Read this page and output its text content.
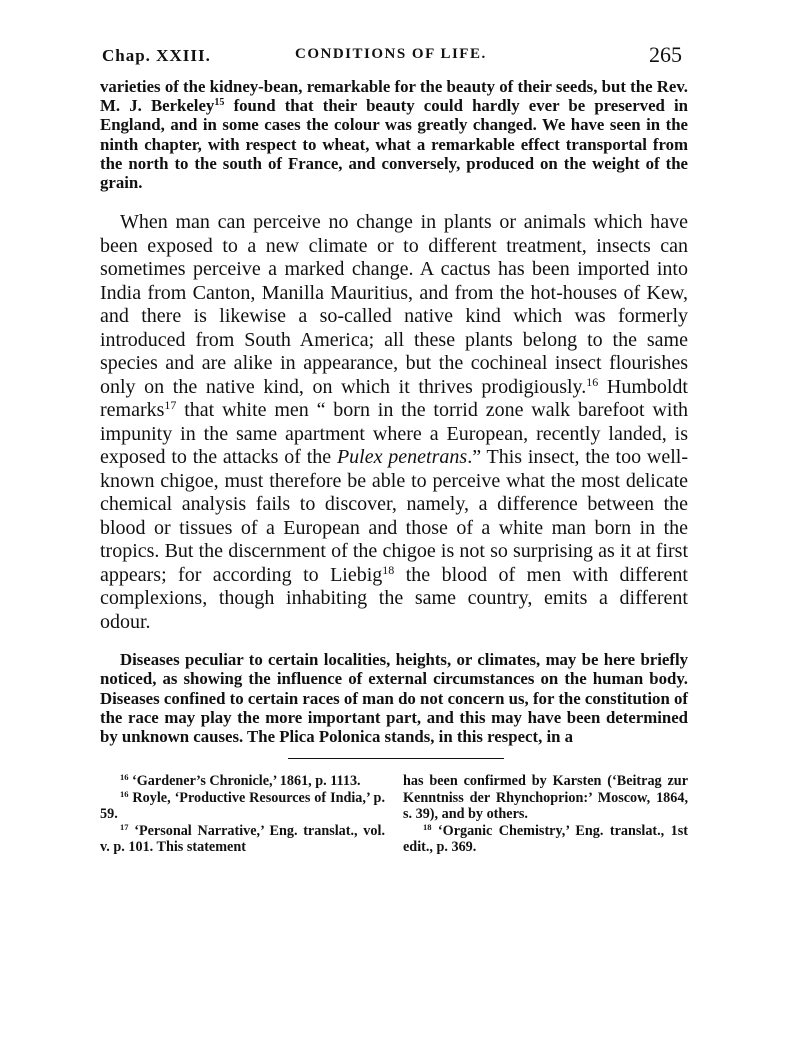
Chap. XXIII.	CONDITIONS OF LIFE.	265

varieties of the kidney-bean, remarkable for the beauty of their seeds, but the Rev. M. J. Berkeley$^{15}$ found that their beauty could hardly ever be preserved in England, and in some cases the colour was greatly changed. We have seen in the ninth chapter, with respect to wheat, what a remarkable effect transportal from the north to the south of France, and conversely, produced on the weight of the grain.

When man can perceive no change in plants or animals which have been exposed to a new climate or to different treatment, insects can sometimes perceive a marked change. A cactus has been imported into India from Canton, Manilla Mauritius, and from the hot-houses of Kew, and there is likewise a so-called native kind which was formerly introduced from South America; all these plants belong to the same species and are alike in appearance, but the cochineal insect flourishes only on the native kind, on which it thrives prodigiously.$^{16}$ Humboldt remarks$^{17}$ that white men “ born in the torrid zone walk barefoot with impunity in the same apartment where a European, recently landed, is exposed to the attacks of the Pulex penetrans.” This insect, the too well-known chigoe, must therefore be able to perceive what the most delicate chemical analysis fails to discover, namely, a difference between the blood or tissues of a European and those of a white man born in the tropics. But the discernment of the chigoe is not so surprising as it at first appears; for according to Liebig$^{18}$ the blood of men with different complexions, though inhabiting the same country, emits a different odour.

Diseases peculiar to certain localities, heights, or climates, may be here briefly noticed, as showing the influence of external circumstances on the human body. Diseases confined to certain races of man do not concern us, for the constitution of the race may play the more important part, and this may have been determined by unknown causes. The Plica Polonica stands, in this respect, in a

$^{16}$ ‘Gardener’s Chronicle,’ 1861, p. 1113.

$^{16}$ Royle, ‘Productive Resources of India,’ p. 59.

$^{17}$ ‘Personal Narrative,’ Eng. translat., vol. v. p. 101. This statement

has been confirmed by Karsten (‘Beitrag zur Kenntniss der Rhynchoprion:’ Moscow, 1864, s. 39), and by others.

$^{18}$ ‘Organic Chemistry,’ Eng. translat., 1st edit., p. 369.
